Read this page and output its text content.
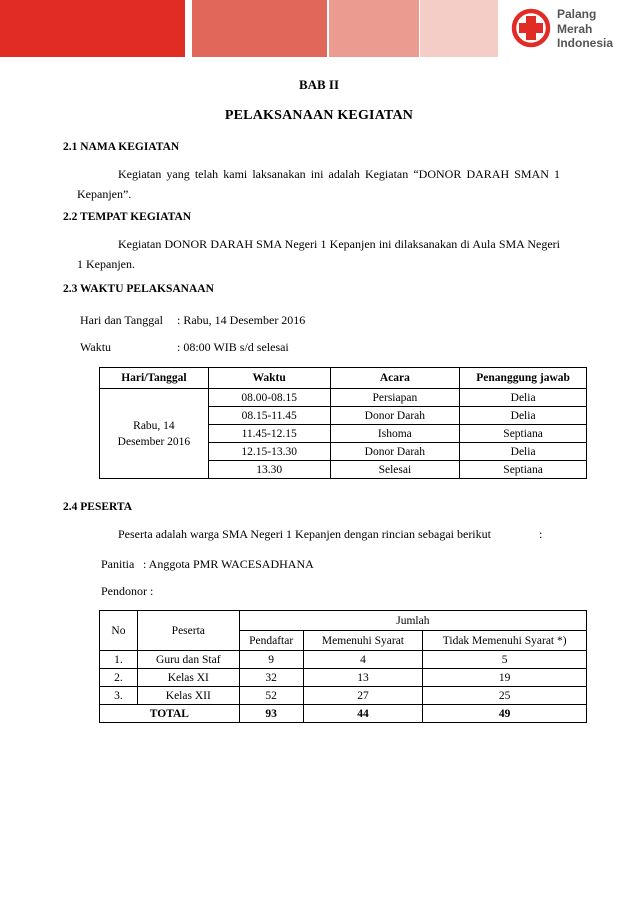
Palang
Merah
Indonesia
BAB II
PELAKSANAAN KEGIATAN
2.1 NAMA KEGIATAN
Kegiatan yang telah kami laksanakan ini adalah Kegiatan “DONOR DARAH SMAN 1 Kepanjen”.
2.2 TEMPAT KEGIATAN
Kegiatan DONOR DARAH SMA Negeri 1 Kepanjen ini dilaksanakan di Aula SMA Negeri 1 Kepanjen.
2.3 WAKTU PELAKSANAAN
Hari dan Tanggal : Rabu, 14 Desember 2016
Waktu	: 08:00 WIB s/d selesai
Hari/Tanggal	Waktu	Acara	Penanggung jawab

Rabu, 14
Desember 2016	08.00-08.15	Persiapan	Delia
	08.15-11.45	Donor Darah	Delia
	11.45-12.15	Ishoma	Septiana
	12.15-13.30	Donor Darah	Delia
	13.30	Selesai	Septiana
2.4 PESERTA
Peserta adalah warga SMA Negeri 1 Kepanjen dengan rincian sebagai berikut	:
Panitia : Anggota PMR WACESADHANA
Pendonor :
No	Peserta	Jumlah		
		Pendaftar	Memenuhi Syarat	Tidak Memenuhi Syarat *)
1.	Guru dan Staf	9	4	5
2.	Kelas XI	32	13	19
3.	Kelas XII	52	27	25
TOTAL		93	44	49
